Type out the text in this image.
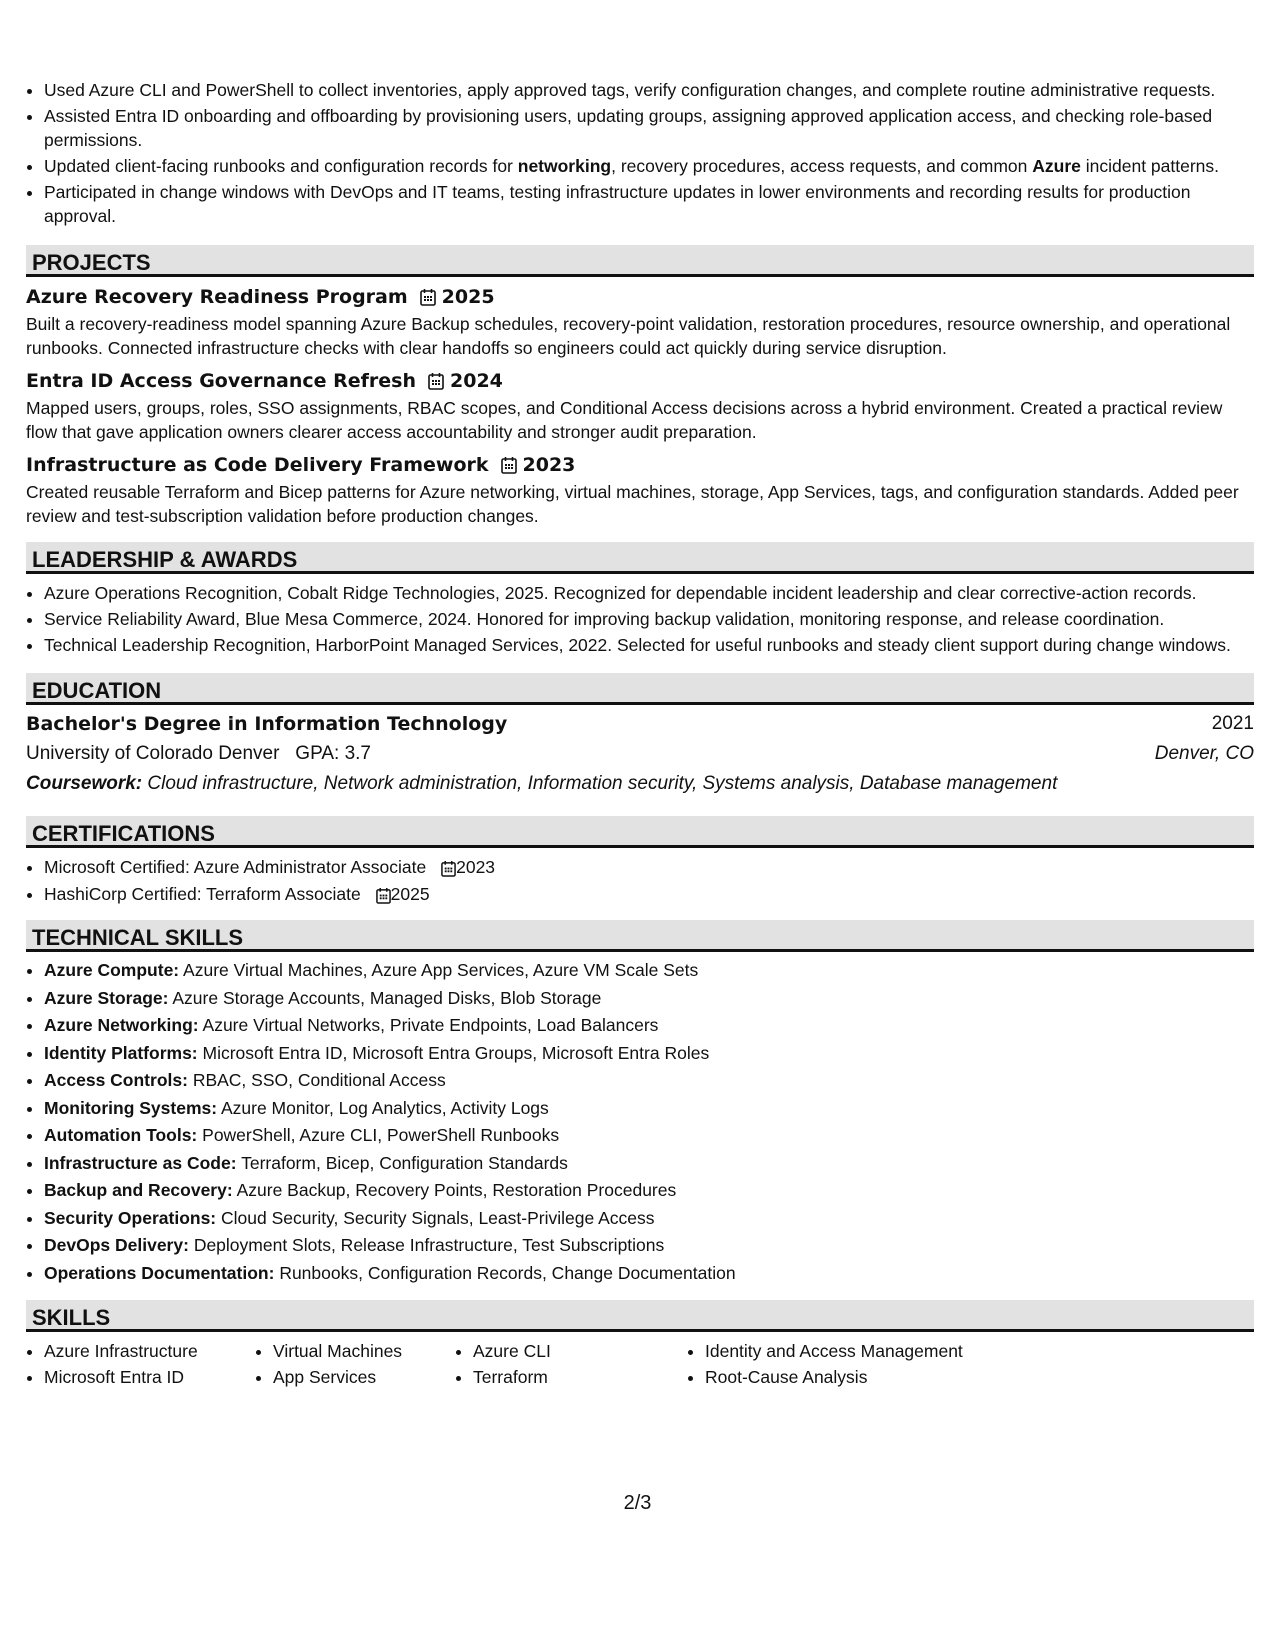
• Used Azure CLI and PowerShell to collect inventories, apply approved tags, verify configuration changes, and complete routine administrative requests.
• Assisted Entra ID onboarding and offboarding by provisioning users, updating groups, assigning approved application access, and checking role-based permissions.
• Updated client-facing runbooks and configuration records for networking, recovery procedures, access requests, and common Azure incident patterns.
• Participated in change windows with DevOps and IT teams, testing infrastructure updates in lower environments and recording results for production approval.
PROJECTS
Azure Recovery Readiness Program 2025
Built a recovery-readiness model spanning Azure Backup schedules, recovery-point validation, restoration procedures, resource ownership, and operational runbooks. Connected infrastructure checks with clear handoffs so engineers could act quickly during service disruption.
Entra ID Access Governance Refresh 2024
Mapped users, groups, roles, SSO assignments, RBAC scopes, and Conditional Access decisions across a hybrid environment. Created a practical review flow that gave application owners clearer access accountability and stronger audit preparation.
Infrastructure as Code Delivery Framework 2023
Created reusable Terraform and Bicep patterns for Azure networking, virtual machines, storage, App Services, tags, and configuration standards. Added peer review and test-subscription validation before production changes.
LEADERSHIP & AWARDS
• Azure Operations Recognition, Cobalt Ridge Technologies, 2025. Recognized for dependable incident leadership and clear corrective-action records.
• Service Reliability Award, Blue Mesa Commerce, 2024. Honored for improving backup validation, monitoring response, and release coordination.
• Technical Leadership Recognition, HarborPoint Managed Services, 2022. Selected for useful runbooks and steady client support during change windows.
EDUCATION
Bachelor's Degree in Information Technology	2021
University of Colorado Denver GPA: 3.7	Denver, CO
Coursework: Cloud infrastructure, Network administration, Information security, Systems analysis, Database management
CERTIFICATIONS
• Microsoft Certified: Azure Administrator Associate 2023
• HashiCorp Certified: Terraform Associate 2025
TECHNICAL SKILLS
• Azure Compute: Azure Virtual Machines, Azure App Services, Azure VM Scale Sets
• Azure Storage: Azure Storage Accounts, Managed Disks, Blob Storage
• Azure Networking: Azure Virtual Networks, Private Endpoints, Load Balancers
• Identity Platforms: Microsoft Entra ID, Microsoft Entra Groups, Microsoft Entra Roles
• Access Controls: RBAC, SSO, Conditional Access
• Monitoring Systems: Azure Monitor, Log Analytics, Activity Logs
• Automation Tools: PowerShell, Azure CLI, PowerShell Runbooks
• Infrastructure as Code: Terraform, Bicep, Configuration Standards
• Backup and Recovery: Azure Backup, Recovery Points, Restoration Procedures
• Security Operations: Cloud Security, Security Signals, Least-Privilege Access
• DevOps Delivery: Deployment Slots, Release Infrastructure, Test Subscriptions
• Operations Documentation: Runbooks, Configuration Records, Change Documentation
SKILLS
• Azure Infrastructure
• Microsoft Entra ID
• Virtual Machines
• App Services
• Azure CLI
• Terraform
• Identity and Access Management
• Root-Cause Analysis
2/3
